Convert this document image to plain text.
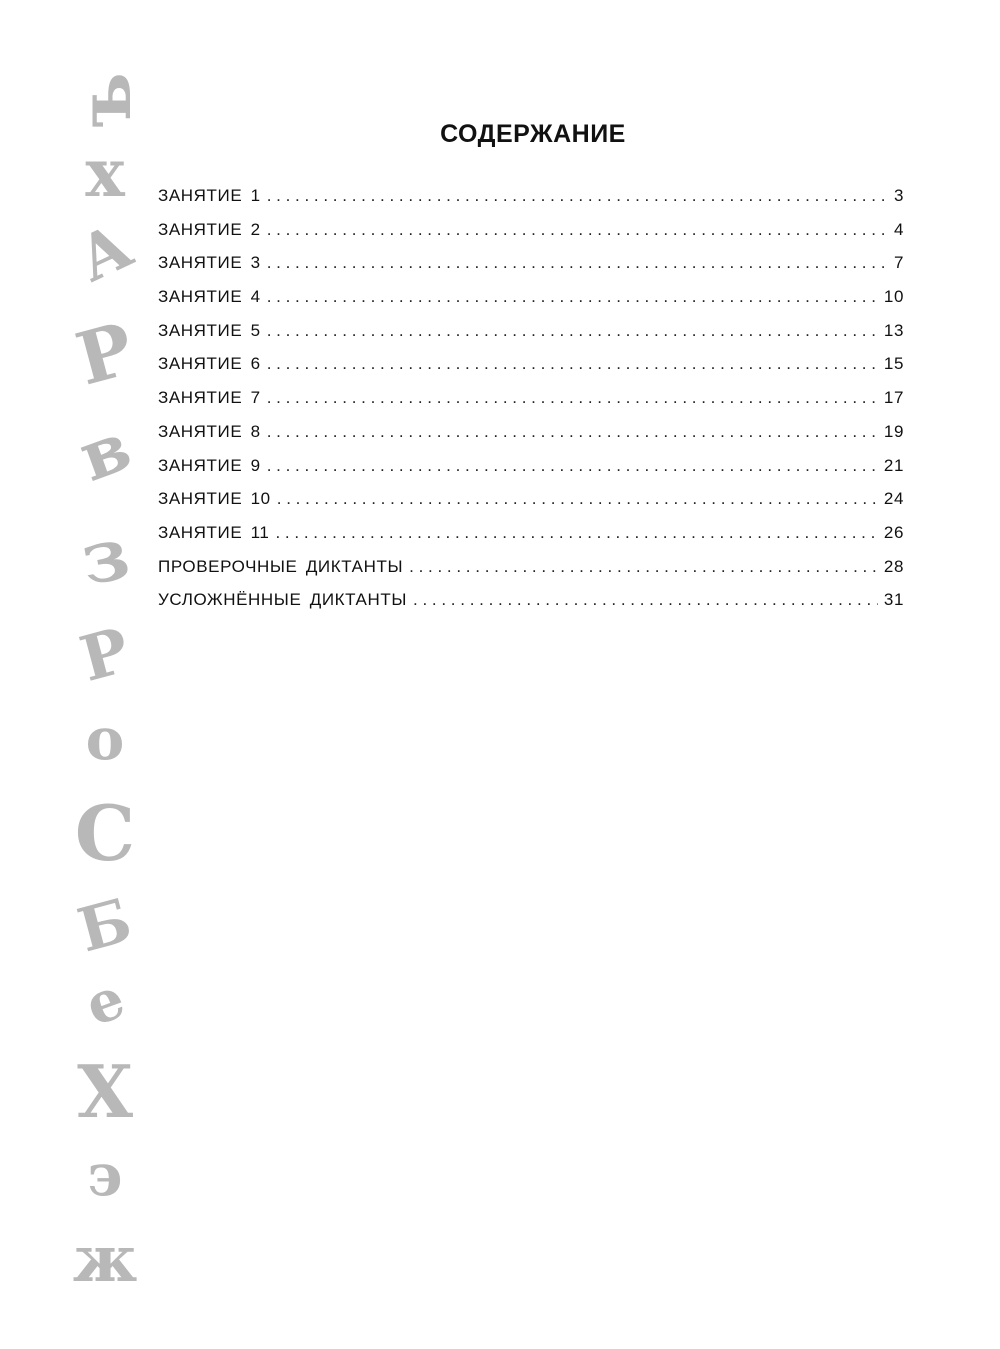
ъ
х
А
Р
в
з
Р
о
С
Б
е
Х
э
ж
СОДЕРЖАНИЕ
ЗАНЯТИЕ 1 . . .	3
ЗАНЯТИЕ 2 . . .	4
ЗАНЯТИЕ 3 . . .	7
ЗАНЯТИЕ 4 . . .	10
ЗАНЯТИЕ 5 . . .	13
ЗАНЯТИЕ 6 . . .	15
ЗАНЯТИЕ 7 . . .	17
ЗАНЯТИЕ 8 . . .	19
ЗАНЯТИЕ 9 . . .	21
ЗАНЯТИЕ 10 . . .	24
ЗАНЯТИЕ 11 . . .	26
ПРОВЕРОЧНЫЕ ДИКТАНТЫ . . .	28
УСЛОЖНЁННЫЕ ДИКТАНТЫ . . .	31
